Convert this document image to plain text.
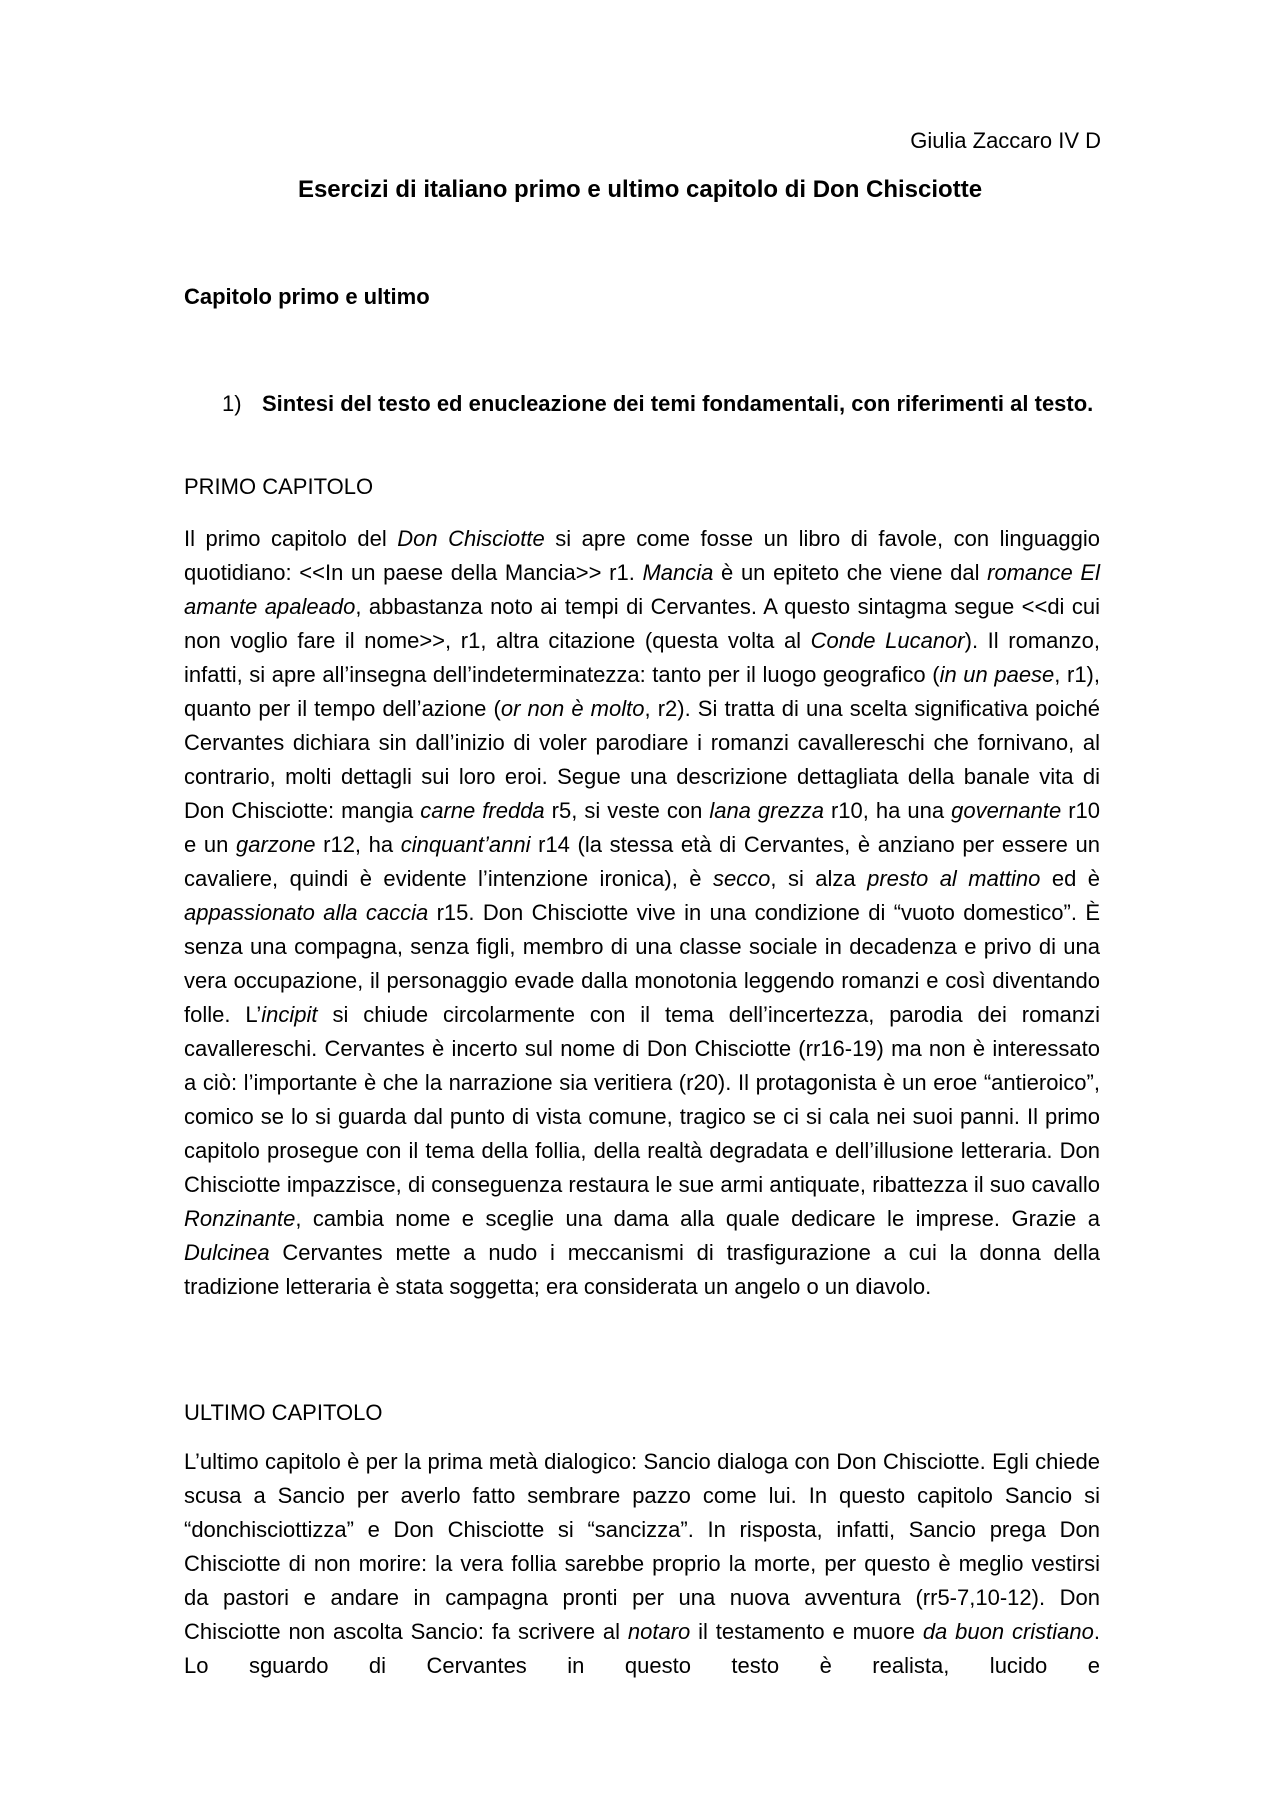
Giulia Zaccaro IV D

Esercizi di italiano primo e ultimo capitolo di Don Chisciotte
Capitolo primo e ultimo
1) Sintesi del testo ed enucleazione dei temi fondamentali, con riferimenti al testo.

PRIMO CAPITOLO

Il primo capitolo del Don Chisciotte si apre come fosse un libro di favole, con linguaggio quotidiano: <<In un paese della Mancia>> r1. Mancia è un epiteto che viene dal romance El amante apaleado, abbastanza noto ai tempi di Cervantes. A questo sintagma segue <<di cui non voglio fare il nome>>, r1, altra citazione (questa volta al Conde Lucanor). Il romanzo, infatti, si apre all’insegna dell’indeterminatezza: tanto per il luogo geografico (in un paese, r1), quanto per il tempo dell’azione (or non è molto, r2). Si tratta di una scelta significativa poiché Cervantes dichiara sin dall’inizio di voler parodiare i romanzi cavallereschi che fornivano, al contrario, molti dettagli sui loro eroi. Segue una descrizione dettagliata della banale vita di Don Chisciotte: mangia carne fredda r5, si veste con lana grezza r10, ha una governante r10 e un garzone r12, ha cinquant’anni r14 (la stessa età di Cervantes, è anziano per essere un cavaliere, quindi è evidente l’intenzione ironica), è secco, si alza presto al mattino ed è appassionato alla caccia r15. Don Chisciotte vive in una condizione di “vuoto domestico”. È senza una compagna, senza figli, membro di una classe sociale in decadenza e privo di una vera occupazione, il personaggio evade dalla monotonia leggendo romanzi e così diventando folle. L’incipit si chiude circolarmente con il tema dell’incertezza, parodia dei romanzi cavallereschi. Cervantes è incerto sul nome di Don Chisciotte (rr16-19) ma non è interessato a ciò: l’importante è che la narrazione sia veritiera (r20). Il protagonista è un eroe “antieroico”, comico se lo si guarda dal punto di vista comune, tragico se ci si cala nei suoi panni. Il primo capitolo prosegue con il tema della follia, della realtà degradata e dell’illusione letteraria. Don Chisciotte impazzisce, di conseguenza restaura le sue armi antiquate, ribattezza il suo cavallo Ronzinante, cambia nome e sceglie una dama alla quale dedicare le imprese. Grazie a Dulcinea Cervantes mette a nudo i meccanismi di trasfigurazione a cui la donna della tradizione letteraria è stata soggetta; era considerata un angelo o un diavolo.

ULTIMO CAPITOLO

L’ultimo capitolo è per la prima metà dialogico: Sancio dialoga con Don Chisciotte. Egli chiede scusa a Sancio per averlo fatto sembrare pazzo come lui. In questo capitolo Sancio si “donchisciottizza” e Don Chisciotte si “sancizza”. In risposta, infatti, Sancio prega Don Chisciotte di non morire: la vera follia sarebbe proprio la morte, per questo è meglio vestirsi da pastori e andare in campagna pronti per una nuova avventura (rr5-7,10-12). Don Chisciotte non ascolta Sancio: fa scrivere al notaro il testamento e muore da buon cristiano. Lo sguardo di Cervantes in questo testo è realista, lucido e
